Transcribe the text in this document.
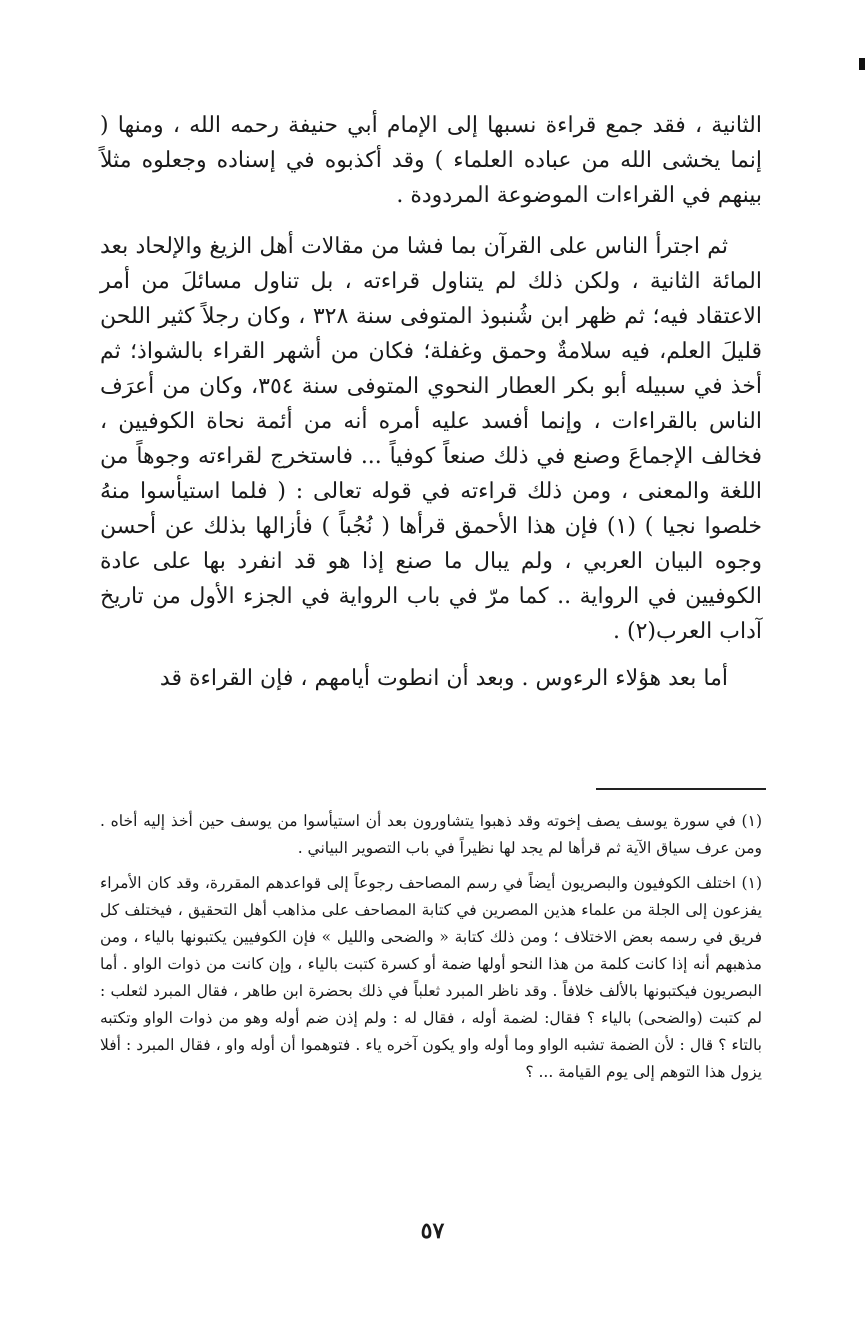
الثانية ، فقد جمع قراءة نسبها إلى الإمام أبي حنيفة رحمه الله ، ومنها ( إنما يخشى الله من عباده العلماء ) وقد أكذبوه في إسناده وجعلوه مثلاً بينهم في القراءات الموضوعة المردودة .

ثم اجترأ الناس على القرآن بما فشا من مقالات أهل الزيغ والإلحاد بعد المائة الثانية ، ولكن ذلك لم يتناول قراءته ، بل تناول مسائلَ من أمر الاعتقاد فيه؛ ثم ظهر ابن شُنبوذ المتوفى سنة ٣٢٨ ، وكان رجلاً كثير اللحن قليلَ العلم، فيه سلامةٌ وحمق وغفلة؛ فكان من أشهر القراء بالشواذ؛ ثم أخذ في سبيله أبو بكر العطار النحوي المتوفى سنة ٣٥٤، وكان من أعرَف الناس بالقراءات ، وإنما أفسد عليه أمره أنه من أئمة نحاة الكوفيين ، فخالف الإجماعَ وصنع في ذلك صنعاً كوفياً ... فاستخرج لقراءته وجوهاً من اللغة والمعنى ، ومن ذلك قراءته في قوله تعالى : ( فلما استيأسوا منهُ خلصوا نجيا ) (١) فإن هذا الأحمق قرأها ( نُجُباً ) فأزالها بذلك عن أحسن وجوه البيان العربي ، ولم يبال ما صنع إذا هو قد انفرد بها على عادة الكوفيين في الرواية .. كما مرّ في باب الرواية في الجزء الأول من تاريخ آداب العرب(٢) .

أما بعد هؤلاء الرءوس . وبعد أن انطوت أيامهم ، فإن القراءة قد

(١) في سورة يوسف يصف إخوته وقد ذهبوا يتشاورون بعد أن استيأسوا من يوسف حين أخذ إليه أخاه . ومن عرف سياق الآية ثم قرأها لم يجد لها نظيراً في باب التصوير البياني .

(١) اختلف الكوفيون والبصريون أيضاً في رسم المصاحف رجوعاً إلى قواعدهم المقررة، وقد كان الأمراء يفزعون إلى الجلة من علماء هذين المصرين في كتابة المصاحف على مذاهب أهل التحقيق ، فيختلف كل فريق في رسمه بعض الاختلاف ؛ ومن ذلك كتابة « والضحى والليل » فإن الكوفيين يكتبونها بالياء ، ومن مذهبهم أنه إذا كانت كلمة من هذا النحو أولها ضمة أو كسرة كتبت بالياء ، وإن كانت من ذوات الواو . أما البصريون فيكتبونها بالألف خلافاً . وقد ناظر المبرد ثعلباً في ذلك بحضرة ابن طاهر ، فقال المبرد لثعلب : لم كتبت (والضحى) بالياء ؟ فقال: لضمة أوله ، فقال له : ولم إذن ضم أوله وهو من ذوات الواو وتكتبه بالتاء ؟ قال : لأن الضمة تشبه الواو وما أوله واو يكون آخره ياء . فتوهموا أن أوله واو ، فقال المبرد : أفلا يزول هذا التوهم إلى يوم القيامة ... ؟

٥٧
